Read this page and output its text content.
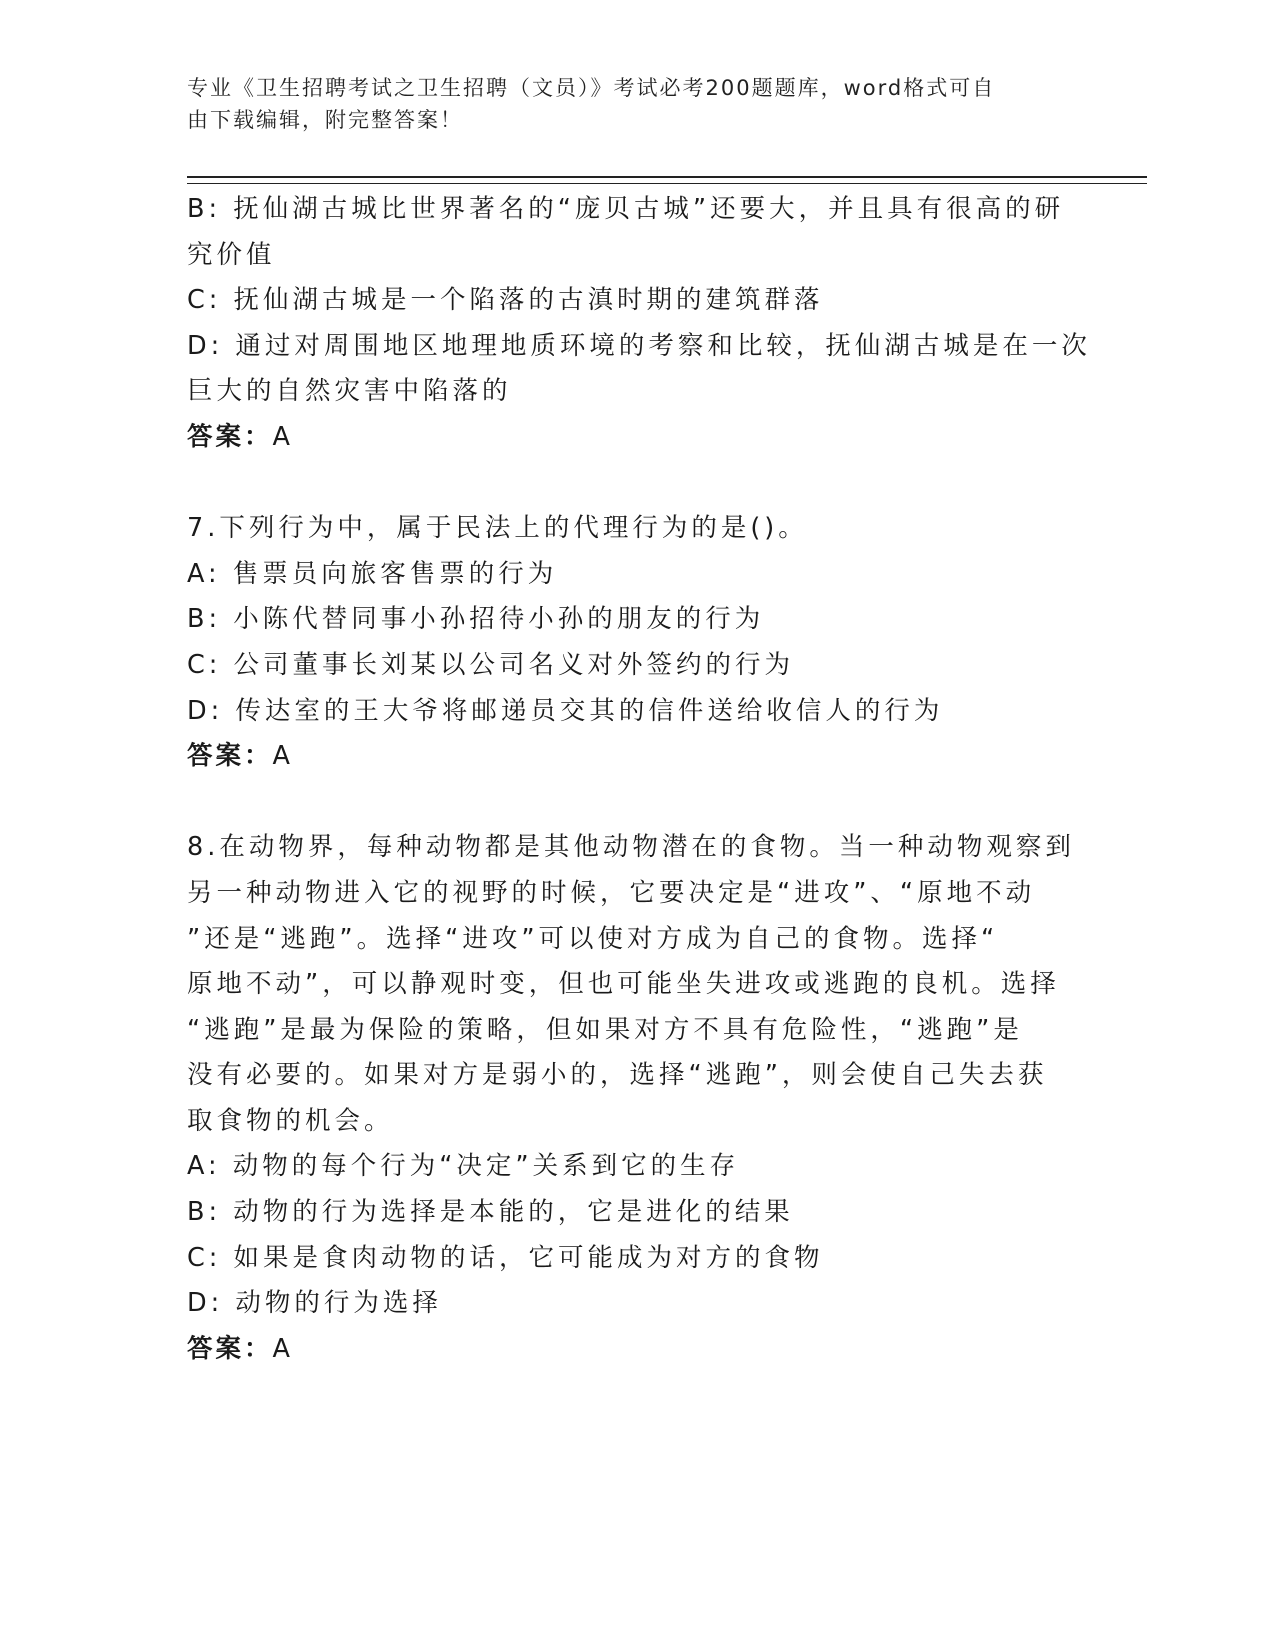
专业《卫生招聘考试之卫生招聘（文员）》考试必考200题题库，word格式可自
由下载编辑，附完整答案！
B: 抚仙湖古城比世界著名的“庞贝古城”还要大，并且具有很高的研
究价值
C: 抚仙湖古城是一个陷落的古滇时期的建筑群落
D: 通过对周围地区地理地质环境的考察和比较，抚仙湖古城是在一次
巨大的自然灾害中陷落的
答案：A
7.下列行为中，属于民法上的代理行为的是()。
A: 售票员向旅客售票的行为
B: 小陈代替同事小孙招待小孙的朋友的行为
C: 公司董事长刘某以公司名义对外签约的行为
D: 传达室的王大爷将邮递员交其的信件送给收信人的行为
答案：A
8.在动物界，每种动物都是其他动物潜在的食物。当一种动物观察到
另一种动物进入它的视野的时候，它要决定是“进攻”、“原地不动
”还是“逃跑”。选择“进攻”可以使对方成为自己的食物。选择“
原地不动”，可以静观时变，但也可能坐失进攻或逃跑的良机。选择
“逃跑”是最为保险的策略，但如果对方不具有危险性，“逃跑”是
没有必要的。如果对方是弱小的，选择“逃跑”，则会使自己失去获
取食物的机会。
A: 动物的每个行为“决定”关系到它的生存
B: 动物的行为选择是本能的，它是进化的结果
C: 如果是食肉动物的话，它可能成为对方的食物
D: 动物的行为选择
答案：A
